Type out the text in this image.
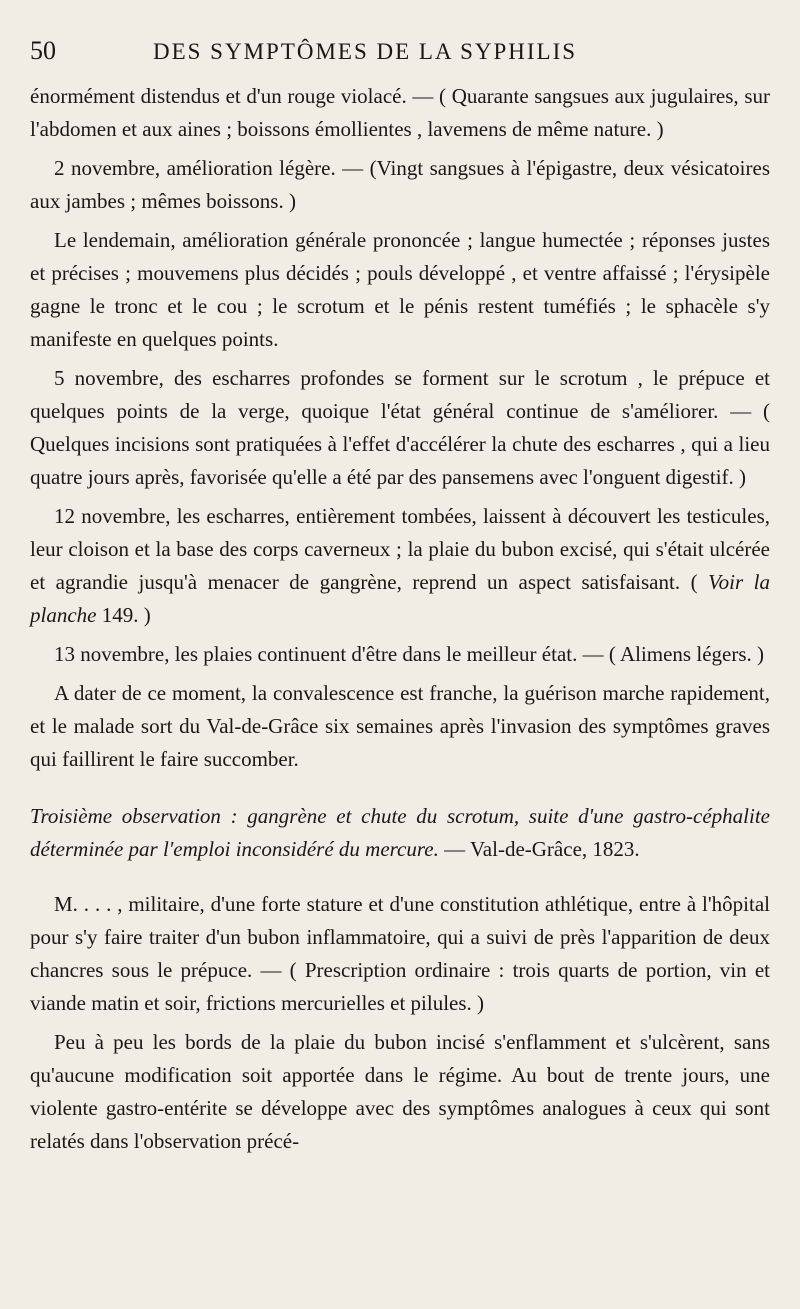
50	DES SYMPTÔMES DE LA SYPHILIS

énormément distendus et d'un rouge violacé. — ( Quarante sangsues aux jugulaires, sur l'abdomen et aux aines ; boissons émollientes , lavemens de même nature. )

2 novembre, amélioration légère. — (Vingt sangsues à l'épigastre, deux vésicatoires aux jambes ; mêmes boissons. )

Le lendemain, amélioration générale prononcée ; langue humectée ; réponses justes et précises ; mouvemens plus décidés ; pouls développé , et ventre affaissé ; l'érysipèle gagne le tronc et le cou ; le scrotum et le pénis restent tuméfiés ; le sphacèle s'y manifeste en quelques points.

5 novembre, des escharres profondes se forment sur le scrotum , le prépuce et quelques points de la verge, quoique l'état général continue de s'améliorer. — ( Quelques incisions sont pratiquées à l'effet d'accélérer la chute des escharres , qui a lieu quatre jours après, favorisée qu'elle a été par des pansemens avec l'onguent digestif. )

12 novembre, les escharres, entièrement tombées, laissent à découvert les testicules, leur cloison et la base des corps caverneux ; la plaie du bubon excisé, qui s'était ulcérée et agrandie jusqu'à menacer de gangrène, reprend un aspect satisfaisant. ( Voir la planche 149. )

13 novembre, les plaies continuent d'être dans le meilleur état. — ( Alimens légers. )

A dater de ce moment, la convalescence est franche, la guérison marche rapidement, et le malade sort du Val-de-Grâce six semaines après l'invasion des symptômes graves qui faillirent le faire succomber.

Troisième observation : gangrène et chute du scrotum, suite d'une gastro-céphalite déterminée par l'emploi inconsidéré du mercure. — Val-de-Grâce, 1823.

M. . . . , militaire, d'une forte stature et d'une constitution athlétique, entre à l'hôpital pour s'y faire traiter d'un bubon inflammatoire, qui a suivi de près l'apparition de deux chancres sous le prépuce. — ( Prescription ordinaire : trois quarts de portion, vin et viande matin et soir, frictions mercurielles et pilules. )

Peu à peu les bords de la plaie du bubon incisé s'enflamment et s'ulcèrent, sans qu'aucune modification soit apportée dans le régime. Au bout de trente jours, une violente gastro-entérite se développe avec des symptômes analogues à ceux qui sont relatés dans l'observation précé-
